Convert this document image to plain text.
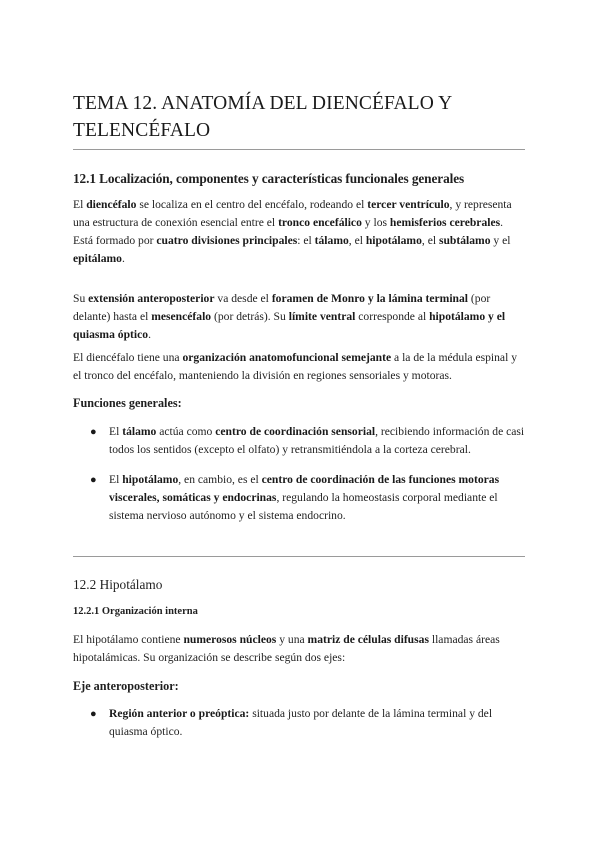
TEMA 12. ANATOMÍA DEL DIENCÉFALO Y
TELENCÉFALO
12.1 Localización, componentes y características funcionales generales

El diencéfalo se localiza en el centro del encéfalo, rodeando el tercer ventrículo, y representa una estructura de conexión esencial entre el tronco encefálico y los hemisferios cerebrales.
Está formado por cuatro divisiones principales: el tálamo, el hipotálamo, el subtálamo y el epitálamo.

Su extensión anteroposterior va desde el foramen de Monro y la lámina terminal (por delante) hasta el mesencéfalo (por detrás). Su límite ventral corresponde al hipotálamo y el quiasma óptico.

El diencéfalo tiene una organización anatomofuncional semejante a la de la médula espinal y el tronco del encéfalo, manteniendo la división en regiones sensoriales y motoras.

Funciones generales:
● El tálamo actúa como centro de coordinación sensorial, recibiendo información de casi todos los sentidos (excepto el olfato) y retransmitiéndola a la corteza cerebral.

● El hipotálamo, en cambio, es el centro de coordinación de las funciones motoras viscerales, somáticas y endocrinas, regulando la homeostasis corporal mediante el sistema nervioso autónomo y el sistema endocrino.

12.2 Hipotálamo
12.2.1 Organización interna

El hipotálamo contiene numerosos núcleos y una matriz de células difusas llamadas áreas hipotalámicas. Su organización se describe según dos ejes:

Eje anteroposterior:
● Región anterior o preóptica: situada justo por delante de la lámina terminal y del quiasma óptico.
